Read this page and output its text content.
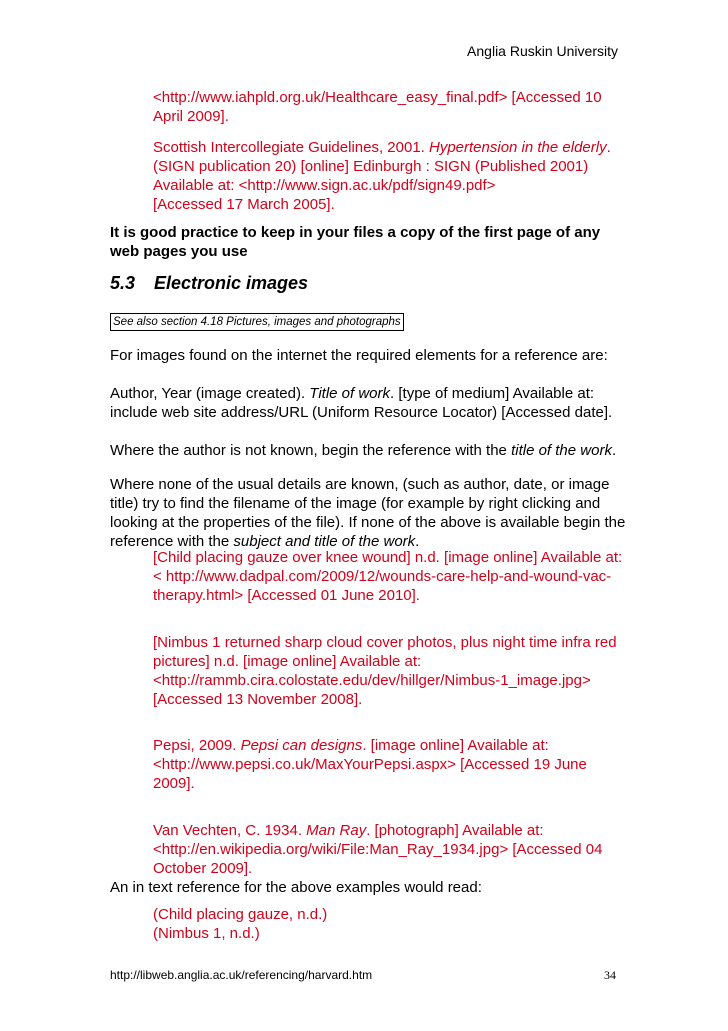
Anglia Ruskin University
<http://www.iahpld.org.uk/Healthcare_easy_final.pdf> [Accessed 10
April 2009].
Scottish Intercollegiate Guidelines, 2001. Hypertension in the elderly.
(SIGN publication 20) [online] Edinburgh : SIGN (Published 2001)
Available at: <http://www.sign.ac.uk/pdf/sign49.pdf>
[Accessed 17 March 2005].
It is good practice to keep in your files a copy of the first page of any
web pages you use
5.3 Electronic images
See also section 4.18 Pictures, images and photographs
For images found on the internet the required elements for a reference are:
Author, Year (image created). Title of work. [type of medium] Available at:
include web site address/URL (Uniform Resource Locator) [Accessed date].
Where the author is not known, begin the reference with the title of the work.
Where none of the usual details are known, (such as author, date, or image
title) try to find the filename of the image (for example by right clicking and
looking at the properties of the file). If none of the above is available begin the
reference with the subject and title of the work.
[Child placing gauze over knee wound] n.d. [image online] Available at:
< http://www.dadpal.com/2009/12/wounds-care-help-and-wound-vac-
therapy.html> [Accessed 01 June 2010].
[Nimbus 1 returned sharp cloud cover photos, plus night time infra red
pictures] n.d. [image online] Available at:
<http://rammb.cira.colostate.edu/dev/hillger/Nimbus-1_image.jpg>
[Accessed 13 November 2008].
Pepsi, 2009. Pepsi can designs. [image online] Available at:
<http://www.pepsi.co.uk/MaxYourPepsi.aspx> [Accessed 19 June
2009].
Van Vechten, C. 1934. Man Ray. [photograph] Available at:
<http://en.wikipedia.org/wiki/File:Man_Ray_1934.jpg> [Accessed 04
October 2009].
An in text reference for the above examples would read:
(Child placing gauze, n.d.)
(Nimbus 1, n.d.)
http://libweb.anglia.ac.uk/referencing/harvard.htm	34
